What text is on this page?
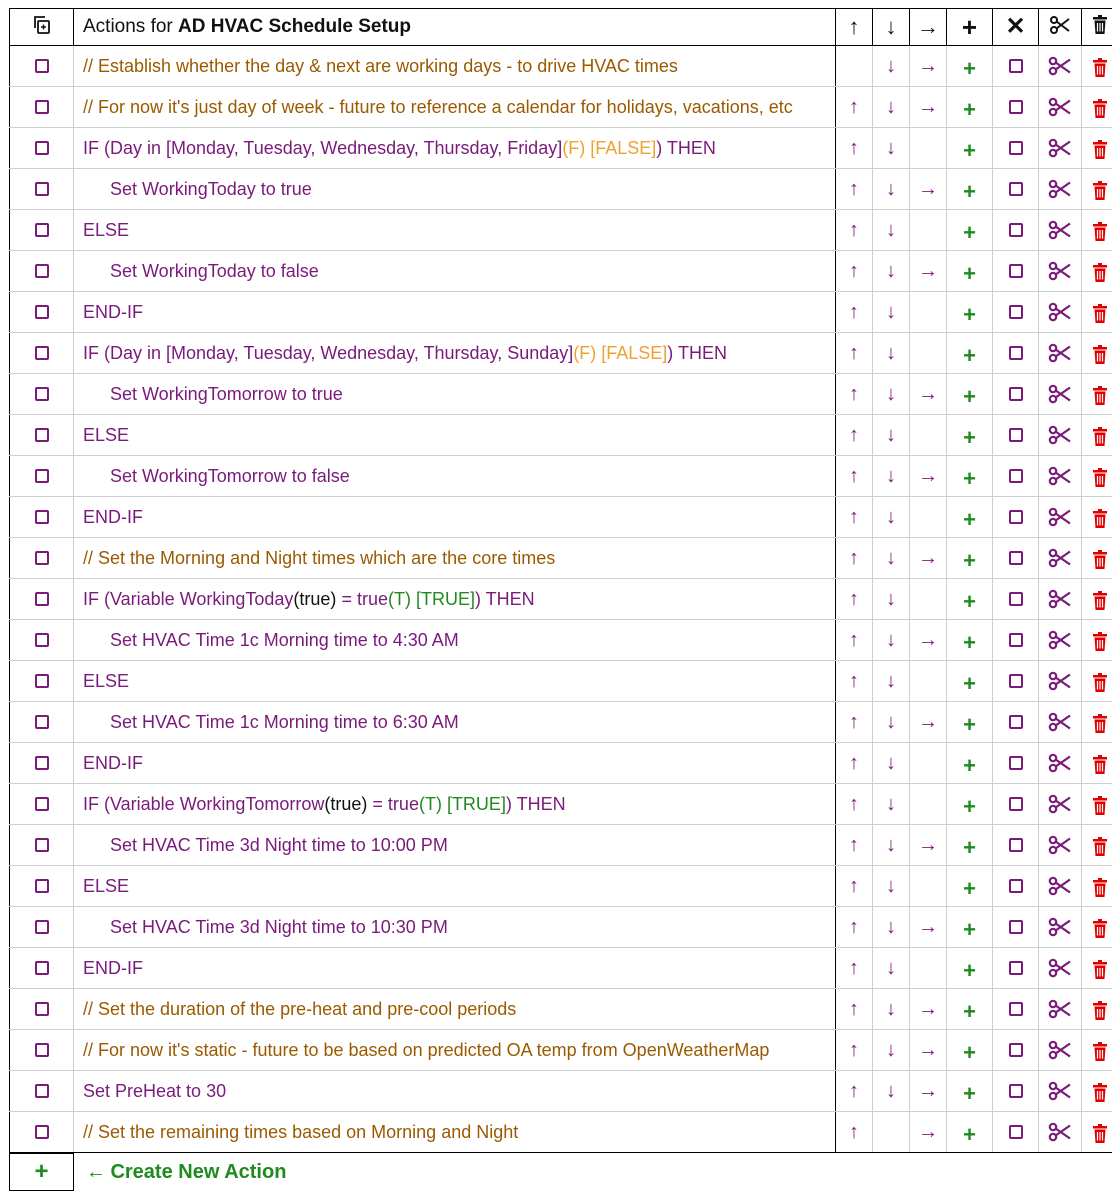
	Actions for AD HVAC Schedule Setup	↑	↓	→	+	✕		
	// Establish whether the day & next are working days - to drive HVAC times		↓	→	+			
	// For now it's just day of week - future to reference a calendar for holidays, vacations, etc	↑	↓	→	+			
	IF (Day in [Monday, Tuesday, Wednesday, Thursday, Friday](F) [FALSE]) THEN	↑	↓		+			
	Set WorkingToday to true	↑	↓	→	+			
	ELSE	↑	↓		+			
	Set WorkingToday to false	↑	↓	→	+			
	END-IF	↑	↓		+			
	IF (Day in [Monday, Tuesday, Wednesday, Thursday, Sunday](F) [FALSE]) THEN	↑	↓		+			
	Set WorkingTomorrow to true	↑	↓	→	+			
	ELSE	↑	↓		+			
	Set WorkingTomorrow to false	↑	↓	→	+			
	END-IF	↑	↓		+			
	// Set the Morning and Night times which are the core times	↑	↓	→	+			
	IF (Variable WorkingToday(true) = true(T) [TRUE]) THEN	↑	↓		+			
	Set HVAC Time 1c Morning time to 4:30 AM	↑	↓	→	+			
	ELSE	↑	↓		+			
	Set HVAC Time 1c Morning time to 6:30 AM	↑	↓	→	+			
	END-IF	↑	↓		+			
	IF (Variable WorkingTomorrow(true) = true(T) [TRUE]) THEN	↑	↓		+			
	Set HVAC Time 3d Night time to 10:00 PM	↑	↓	→	+			
	ELSE	↑	↓		+			
	Set HVAC Time 3d Night time to 10:30 PM	↑	↓	→	+			
	END-IF	↑	↓		+			
	// Set the duration of the pre-heat and pre-cool periods	↑	↓	→	+			
	// For now it's static - future to be based on predicted OA temp from OpenWeatherMap	↑	↓	→	+			
	Set PreHeat to 30	↑	↓	→	+			
	// Set the remaining times based on Morning and Night	↑		→	+			
+	← Create New Action
